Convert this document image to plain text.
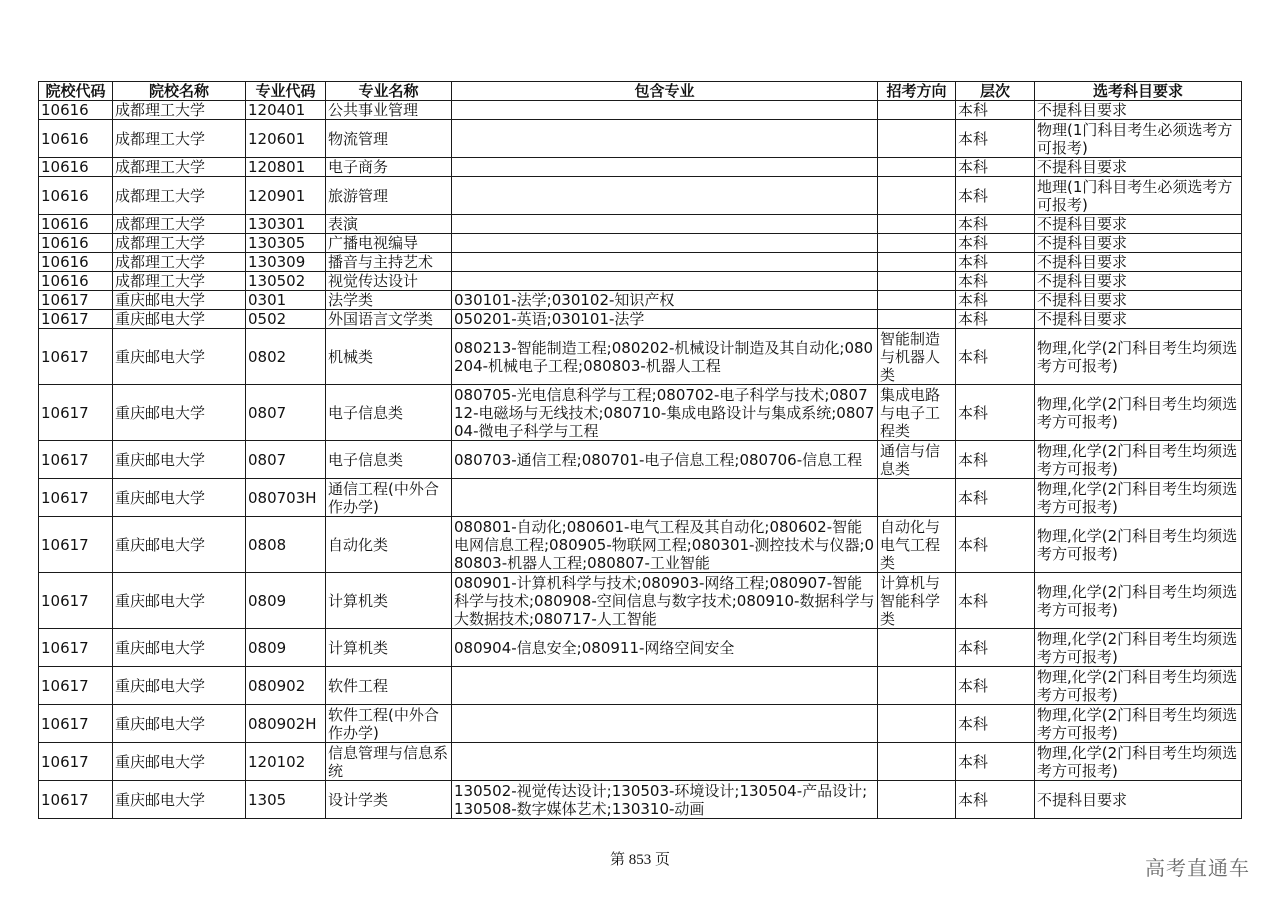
院校代码	院校名称	专业代码	专业名称	包含专业	招考方向	层次	选考科目要求
10616	成都理工大学	120401	公共事业管理			本科	不提科目要求
10616	成都理工大学	120601	物流管理			本科	物理(1门科目考生必须选考方可报考)
10616	成都理工大学	120801	电子商务			本科	不提科目要求
10616	成都理工大学	120901	旅游管理			本科	地理(1门科目考生必须选考方可报考)
10616	成都理工大学	130301	表演			本科	不提科目要求
10616	成都理工大学	130305	广播电视编导			本科	不提科目要求
10616	成都理工大学	130309	播音与主持艺术			本科	不提科目要求
10616	成都理工大学	130502	视觉传达设计			本科	不提科目要求
10617	重庆邮电大学	0301	法学类	030101-法学;030102-知识产权		本科	不提科目要求
10617	重庆邮电大学	0502	外国语言文学类	050201-英语;030101-法学		本科	不提科目要求
10617	重庆邮电大学	0802	机械类	080213-智能制造工程;080202-机械设计制造及其自动化;080204-机械电子工程;080803-机器人工程	智能制造与机器人类	本科	物理,化学(2门科目考生均须选考方可报考)
10617	重庆邮电大学	0807	电子信息类	080705-光电信息科学与工程;080702-电子科学与技术;080712-电磁场与无线技术;080710-集成电路设计与集成系统;080704-微电子科学与工程	集成电路与电子工程类	本科	物理,化学(2门科目考生均须选考方可报考)
10617	重庆邮电大学	0807	电子信息类	080703-通信工程;080701-电子信息工程;080706-信息工程	通信与信息类	本科	物理,化学(2门科目考生均须选考方可报考)
10617	重庆邮电大学	080703H	通信工程(中外合作办学)			本科	物理,化学(2门科目考生均须选考方可报考)
10617	重庆邮电大学	0808	自动化类	080801-自动化;080601-电气工程及其自动化;080602-智能电网信息工程;080905-物联网工程;080301-测控技术与仪器;080803-机器人工程;080807-工业智能	自动化与电气工程类	本科	物理,化学(2门科目考生均须选考方可报考)
10617	重庆邮电大学	0809	计算机类	080901-计算机科学与技术;080903-网络工程;080907-智能科学与技术;080908-空间信息与数字技术;080910-数据科学与大数据技术;080717-人工智能	计算机与智能科学类	本科	物理,化学(2门科目考生均须选考方可报考)
10617	重庆邮电大学	0809	计算机类	080904-信息安全;080911-网络空间安全		本科	物理,化学(2门科目考生均须选考方可报考)
10617	重庆邮电大学	080902	软件工程			本科	物理,化学(2门科目考生均须选考方可报考)
10617	重庆邮电大学	080902H	软件工程(中外合作办学)			本科	物理,化学(2门科目考生均须选考方可报考)
10617	重庆邮电大学	120102	信息管理与信息系统			本科	物理,化学(2门科目考生均须选考方可报考)
10617	重庆邮电大学	1305	设计学类	130502-视觉传达设计;130503-环境设计;130504-产品设计;130508-数字媒体艺术;130310-动画		本科	不提科目要求
第 853 页	高考直通车
